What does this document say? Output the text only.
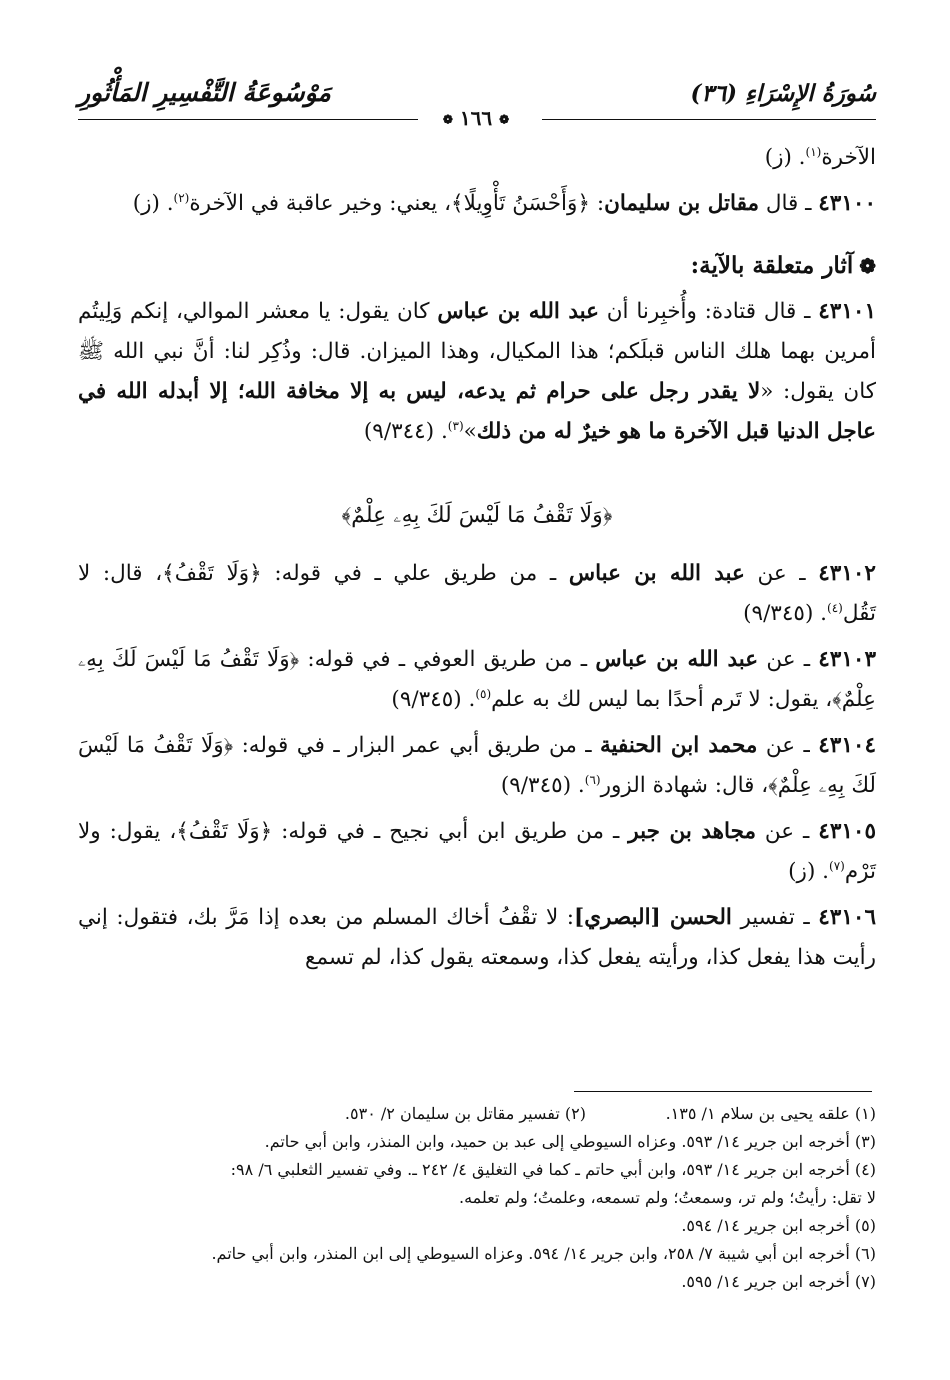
سُورَةُ الإِسْرَاءِ (٣٦)
مَوْسُوعَةُ التَّفْسِيرِ المَأْثُورِ
❁ ١٦٦ ❁

الآخرة$^{(١)}$. (ز)

٤٣١٠٠ ـ قال مقاتل بن سليمان: ﴿وَأَحْسَنُ تَأْوِيلًا﴾، يعني: وخير عاقبة في الآخرة$^{(٢)}$. (ز)

❁آثار متعلقة بالآية:

٤٣١٠١ ـ قال قتادة: وأُخبِرنا أن عبد الله بن عباس كان يقول: يا معشر الموالي، إنكم وَلِيتُم أمرين بهما هلك الناس قبلَكم؛ هذا المكيال، وهذا الميزان. قال: وذُكِر لنا: أنَّ نبي الله ﷺ كان يقول: «لا يقدر رجل على حرام ثم يدعه، ليس به إلا مخافة الله؛ إلا أبدله الله في عاجل الدنيا قبل الآخرة ما هو خيرٌ له من ذلك»$^{(٣)}$. (٩/٣٤٤)

﴿وَلَا تَقْفُ مَا لَيْسَ لَكَ بِهِۦ عِلْمٌ﴾

٤٣١٠٢ ـ عن عبد الله بن عباس ـ من طريق علي ـ في قوله: ﴿وَلَا تَقْفُ﴾، قال: لا تَقُل$^{(٤)}$. (٩/٣٤٥)

٤٣١٠٣ ـ عن عبد الله بن عباس ـ من طريق العوفي ـ في قوله: ﴿وَلَا تَقْفُ مَا لَيْسَ لَكَ بِهِۦ عِلْمٌ﴾، يقول: لا تَرم أحدًا بما ليس لك به علم$^{(٥)}$. (٩/٣٤٥)

٤٣١٠٤ ـ عن محمد ابن الحنفية ـ من طريق أبي عمر البزار ـ في قوله: ﴿وَلَا تَقْفُ مَا لَيْسَ لَكَ بِهِۦ عِلْمٌ﴾، قال: شهادة الزور$^{(٦)}$. (٩/٣٤٥)

٤٣١٠٥ ـ عن مجاهد بن جبر ـ من طريق ابن أبي نجيح ـ في قوله: ﴿وَلَا تَقْفُ﴾، يقول: ولا تَرْم$^{(٧)}$. (ز)

٤٣١٠٦ ـ تفسير الحسن [البصري]: لا تقْفُ أخاك المسلم من بعده إذا مَرَّ بك، فتقول: إني رأيت هذا يفعل كذا، ورأيته يفعل كذا، وسمعته يقول كذا، لم تسمع

(١) علقه يحيى بن سلام ١/ ١٣٥.
(٢) تفسير مقاتل بن سليمان ٢/ ٥٣٠.
(٣) أخرجه ابن جرير ١٤/ ٥٩٣. وعزاه السيوطي إلى عبد بن حميد، وابن المنذر، وابن أبي حاتم.
(٤) أخرجه ابن جرير ١٤/ ٥٩٣، وابن أبي حاتم ـ كما في التغليق ٤/ ٢٤٢ ـ. وفي تفسير الثعلبي ٦/ ٩٨:
لا تقل: رأيتُ؛ ولم تر، وسمعتُ؛ ولم تسمعه، وعلمتُ؛ ولم تعلمه.
(٥) أخرجه ابن جرير ١٤/ ٥٩٤.
(٦) أخرجه ابن أبي شيبة ٧/ ٢٥٨، وابن جرير ١٤/ ٥٩٤. وعزاه السيوطي إلى ابن المنذر، وابن أبي حاتم.
(٧) أخرجه ابن جرير ١٤/ ٥٩٥.
